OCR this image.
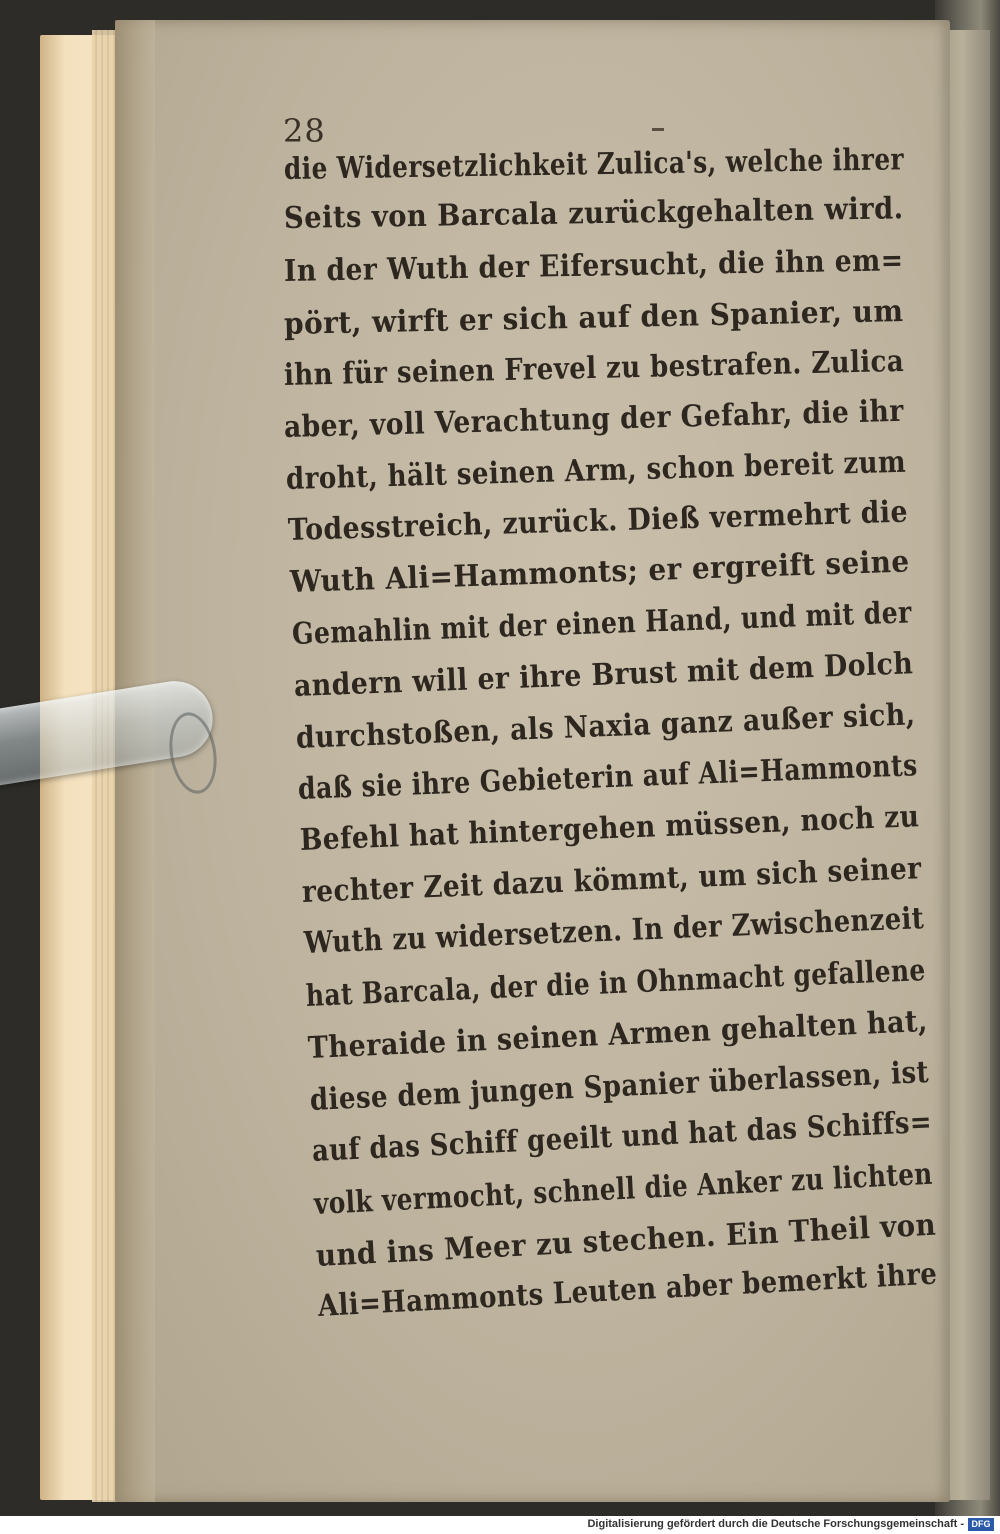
28
die Widersetzlichkeit Zulica's, welche ihrer
Seits von Barcala zurückgehalten wird.
In der Wuth der Eifersucht, die ihn em=
pört, wirft er sich auf den Spanier, um
ihn für seinen Frevel zu bestrafen. Zulica
aber, voll Verachtung der Gefahr, die ihr
droht, hält seinen Arm, schon bereit zum
Todesstreich, zurück. Dieß vermehrt die
Wuth Ali=Hammonts; er ergreift seine
Gemahlin mit der einen Hand, und mit der
andern will er ihre Brust mit dem Dolch
durchstoßen, als Naxia ganz außer sich,
daß sie ihre Gebieterin auf Ali=Hammonts
Befehl hat hintergehen müssen, noch zu
rechter Zeit dazu kömmt, um sich seiner
Wuth zu widersetzen. In der Zwischenzeit
hat Barcala, der die in Ohnmacht gefallene
Theraide in seinen Armen gehalten hat,
diese dem jungen Spanier überlassen, ist
auf das Schiff geeilt und hat das Schiffs=
volk vermocht, schnell die Anker zu lichten
und ins Meer zu stechen. Ein Theil von
Ali=Hammonts Leuten aber bemerkt ihre
Digitalisierung gefördert durch die Deutsche Forschungsgemeinschaft - DFG
